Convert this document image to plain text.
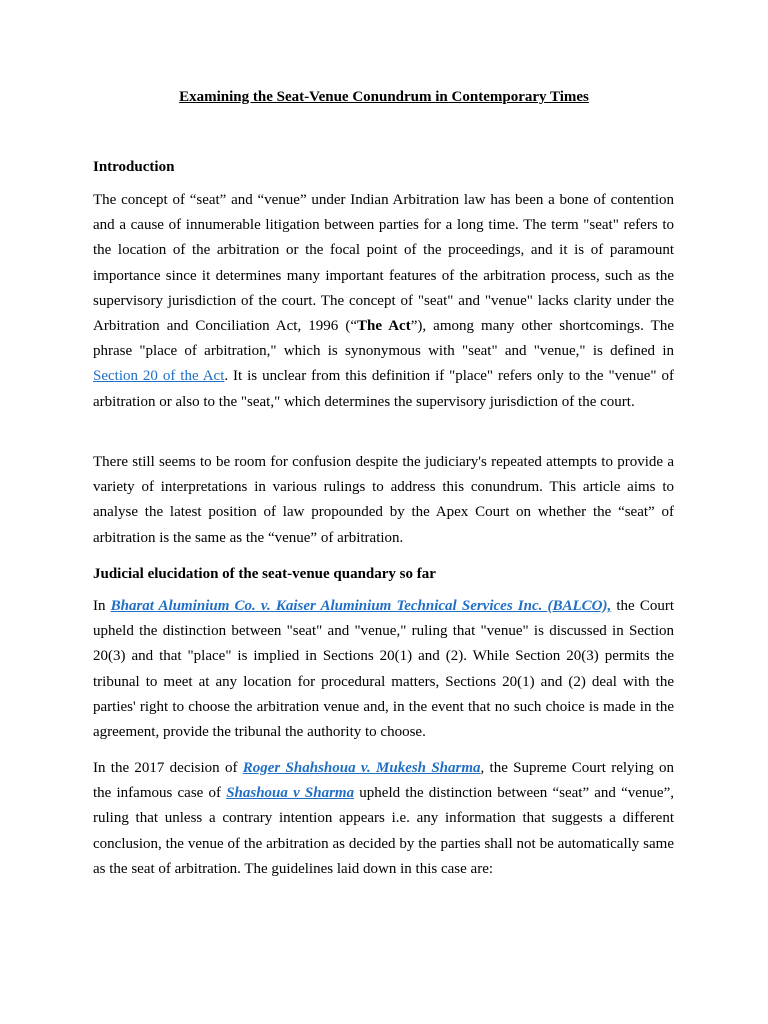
Examining the Seat-Venue Conundrum in Contemporary Times
Introduction
The concept of “seat” and “venue” under Indian Arbitration law has been a bone of contention and a cause of innumerable litigation between parties for a long time. The term "seat" refers to the location of the arbitration or the focal point of the proceedings, and it is of paramount importance since it determines many important features of the arbitration process, such as the supervisory jurisdiction of the court. The concept of "seat" and "venue" lacks clarity under the Arbitration and Conciliation Act, 1996 (“The Act”), among many other shortcomings. The phrase "place of arbitration," which is synonymous with "seat" and "venue," is defined in Section 20 of the Act. It is unclear from this definition if "place" refers only to the "venue" of arbitration or also to the "seat," which determines the supervisory jurisdiction of the court.
There still seems to be room for confusion despite the judiciary's repeated attempts to provide a variety of interpretations in various rulings to address this conundrum. This article aims to analyse the latest position of law propounded by the Apex Court on whether the “seat” of arbitration is the same as the “venue” of arbitration.
Judicial elucidation of the seat-venue quandary so far
In Bharat Aluminium Co. v. Kaiser Aluminium Technical Services Inc. (BALCO), the Court upheld the distinction between "seat" and "venue," ruling that "venue" is discussed in Section 20(3) and that "place" is implied in Sections 20(1) and (2). While Section 20(3) permits the tribunal to meet at any location for procedural matters, Sections 20(1) and (2) deal with the parties' right to choose the arbitration venue and, in the event that no such choice is made in the agreement, provide the tribunal the authority to choose.
In the 2017 decision of Roger Shahshoua v. Mukesh Sharma, the Supreme Court relying on the infamous case of Shashoua v Sharma upheld the distinction between “seat” and “venue”, ruling that unless a contrary intention appears i.e. any information that suggests a different conclusion, the venue of the arbitration as decided by the parties shall not be automatically same as the seat of arbitration. The guidelines laid down in this case are:
